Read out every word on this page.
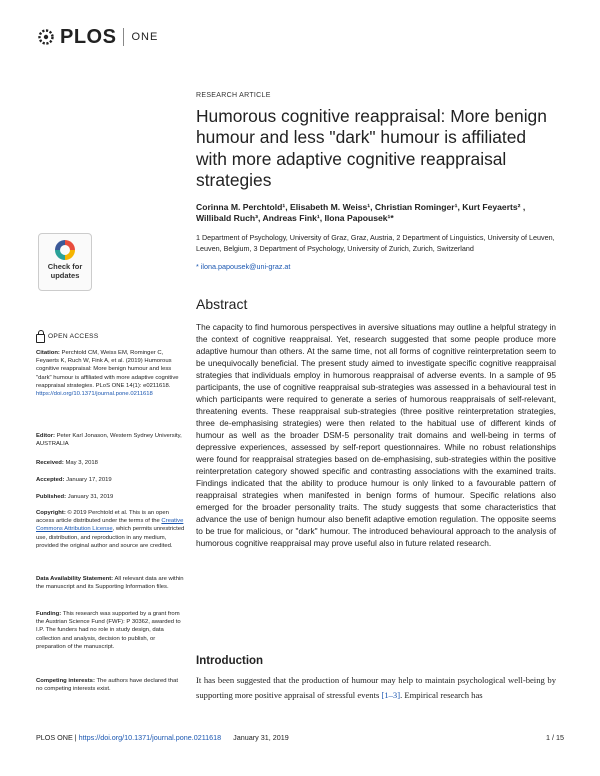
PLOS ONE
RESEARCH ARTICLE
Humorous cognitive reappraisal: More benign humour and less "dark" humour is affiliated with more adaptive cognitive reappraisal strategies
Corinna M. Perchtold¹, Elisabeth M. Weiss¹, Christian Rominger¹, Kurt Feyaerts² ,
Willibald Ruch³, Andreas Fink¹, Ilona Papousek¹*
1 Department of Psychology, University of Graz, Graz, Austria, 2 Department of Linguistics, University of Leuven, Leuven, Belgium, 3 Department of Psychology, University of Zurich, Zurich, Switzerland
* ilona.papousek@uni-graz.at
Abstract

The capacity to find humorous perspectives in aversive situations may outline a helpful strategy in the context of cognitive reappraisal. Yet, research suggested that some people produce more adaptive humour than others. At the same time, not all forms of cognitive reinterpretation seem to be unequivocally beneficial. The present study aimed to investigate specific cognitive reappraisal strategies that individuals employ in humorous reappraisal of adverse events. In a sample of 95 participants, the use of cognitive reappraisal sub-strategies was assessed in a behavioural test in which participants were required to generate a series of humorous reappraisals of self-relevant, threatening events. These reappraisal sub-strategies (three positive reinterpretation strategies, three de-emphasising strategies) were then related to the habitual use of different kinds of humour as well as the broader DSM-5 personality trait domains and well-being in terms of depressive experiences, assessed by self-report questionnaires. While no robust relationships were found for reappraisal strategies based on de-emphasising, sub-strategies within the positive reinterpretation category showed specific and contrasting associations with the examined traits. Findings indicated that the ability to produce humour is only linked to a favourable pattern of reappraisal strategies when manifested in benign forms of humour. Specific relations also emerged for the broader personality traits. The study suggests that some characteristics that advance the use of benign humour also benefit adaptive emotion regulation. The opposite seems to be true for malicious, or "dark" humour. The introduced behavioural approach to the analysis of humorous cognitive reappraisal may prove useful also in future related research.

Introduction

It has been suggested that the production of humour may help to maintain psychological well-being by supporting more positive appraisal of stressful events [1–3]. Empirical research has

Check for
updates
OPEN ACCESS

Citation: Perchtold CM, Weiss EM, Rominger C, Feyaerts K, Ruch W, Fink A, et al. (2019) Humorous cognitive reappraisal: More benign humour and less "dark" humour is affiliated with more adaptive cognitive reappraisal strategies. PLoS ONE 14(1): e0211618. https://doi.org/10.1371/journal.pone.0211618

Editor: Peter Karl Jonason, Western Sydney University, AUSTRALIA

Received: May 3, 2018

Accepted: January 17, 2019

Published: January 31, 2019

Copyright: © 2019 Perchtold et al. This is an open access article distributed under the terms of the Creative Commons Attribution License, which permits unrestricted use, distribution, and reproduction in any medium, provided the original author and source are credited.

Data Availability Statement: All relevant data are within the manuscript and its Supporting Information files.

Funding: This research was supported by a grant from the Austrian Science Fund (FWF): P 30362, awarded to I.P. The funders had no role in study design, data collection and analysis, decision to publish, or preparation of the manuscript.

Competing interests: The authors have declared that no competing interests exist.

PLOS ONE | https://doi.org/10.1371/journal.pone.0211618 January 31, 2019	1 / 15
